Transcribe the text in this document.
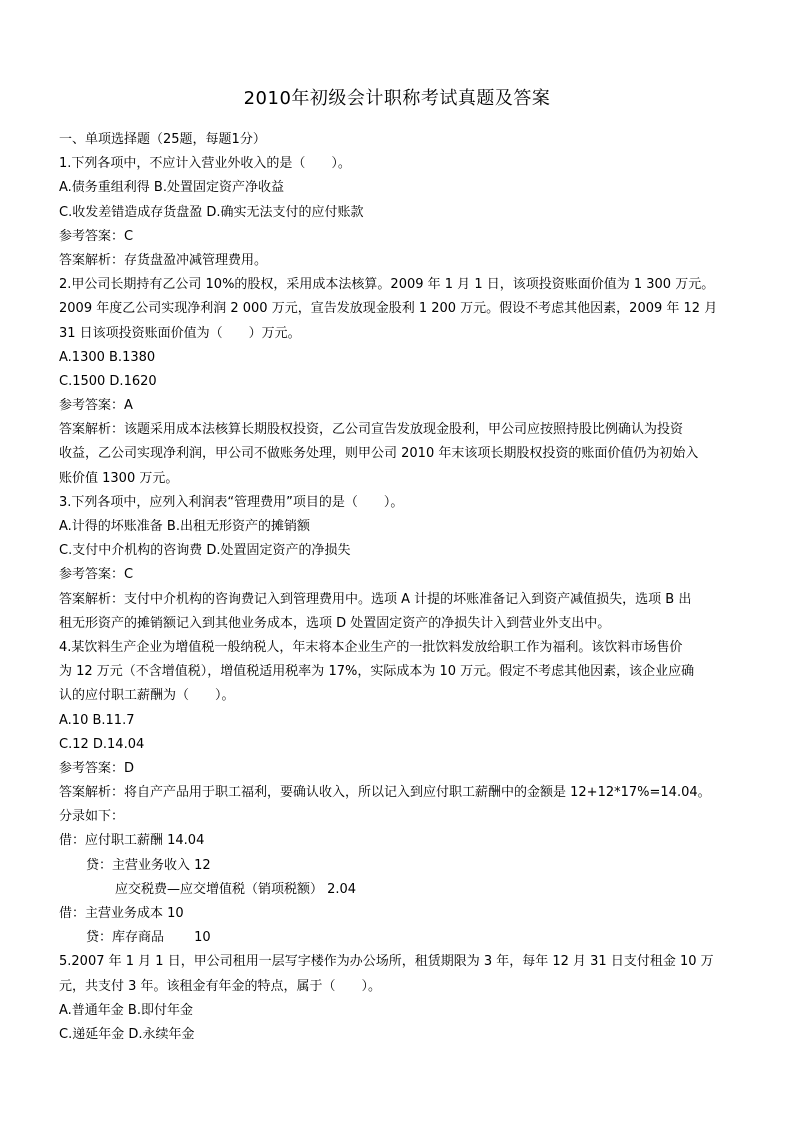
2010年初级会计职称考试真题及答案
一、单项选择题（25题，每题1分）
1.下列各项中，不应计入营业外收入的是（　　）。
A.债务重组利得 B.处置固定资产净收益
C.收发差错造成存货盘盈 D.确实无法支付的应付账款
参考答案：C
答案解析：存货盘盈冲减管理费用。
2.甲公司长期持有乙公司 10%的股权，采用成本法核算。2009 年 1 月 1 日，该项投资账面价值为 1 300 万元。
2009 年度乙公司实现净利润 2 000 万元，宣告发放现金股利 1 200 万元。假设不考虑其他因素，2009 年 12 月
31 日该项投资账面价值为（　　）万元。
A.1300 B.1380
C.1500 D.1620
参考答案：A
答案解析：该题采用成本法核算长期股权投资，乙公司宣告发放现金股利，甲公司应按照持股比例确认为投资
收益，乙公司实现净利润，甲公司不做账务处理，则甲公司 2010 年末该项长期股权投资的账面价值仍为初始入
账价值 1300 万元。
3.下列各项中，应列入利润表“管理费用”项目的是（　　）。
A.计得的坏账准备 B.出租无形资产的摊销额
C.支付中介机构的咨询费 D.处置固定资产的净损失
参考答案：C
答案解析：支付中介机构的咨询费记入到管理费用中。选项 A 计提的坏账准备记入到资产减值损失，选项 B 出
租无形资产的摊销额记入到其他业务成本，选项 D 处置固定资产的净损失计入到营业外支出中。
4.某饮料生产企业为增值税一般纳税人，年末将本企业生产的一批饮料发放给职工作为福利。该饮料市场售价
为 12 万元（不含增值税），增值税适用税率为 17%，实际成本为 10 万元。假定不考虑其他因素，该企业应确
认的应付职工薪酬为（　　）。
A.10 B.11.7
C.12 D.14.04
参考答案：D
答案解析：将自产产品用于职工福利，要确认收入，所以记入到应付职工薪酬中的金额是 12+12*17%=14.04。
分录如下：
借：应付职工薪酬 14.04
贷：主营业务收入 12
应交税费—应交增值税（销项税额） 2.04
借：主营业务成本 10
贷：库存商品　　 10
5.2007 年 1 月 1 日，甲公司租用一层写字楼作为办公场所，租赁期限为 3 年，每年 12 月 31 日支付租金 10 万
元，共支付 3 年。该租金有年金的特点，属于（　　）。
A.普通年金 B.即付年金
C.递延年金 D.永续年金
